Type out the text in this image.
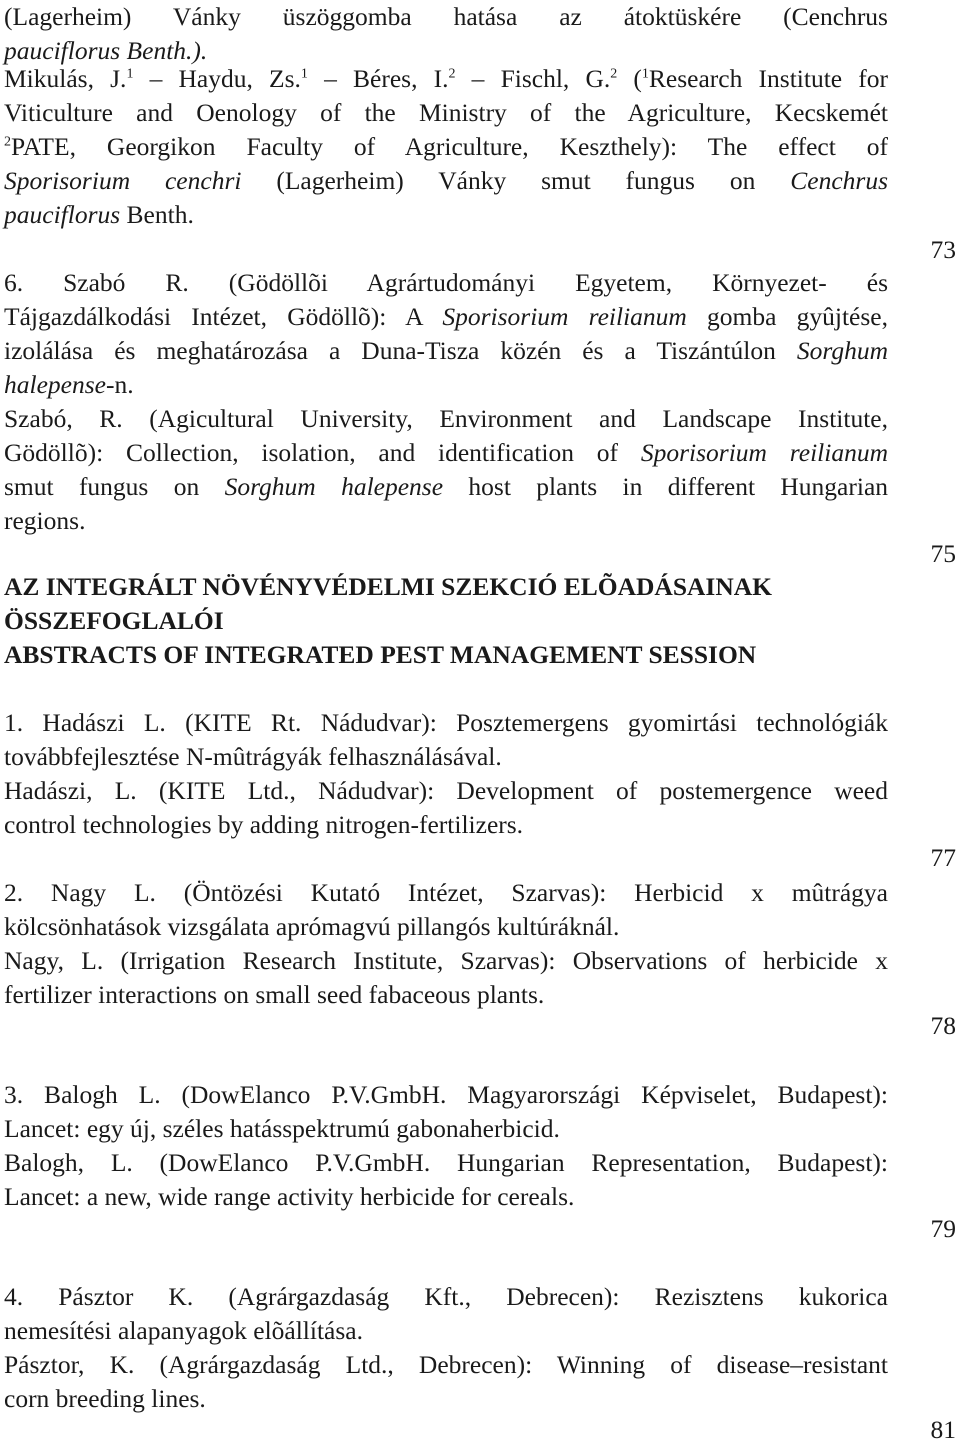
(Lagerheim) Vánky üszöggomba hatása az átoktüskére (Cenchrus
pauciflorus Benth.).
Mikulás, J.$^1$ – Haydu, Zs.$^1$ – Béres, I.$^2$ – Fischl, G.$^2$ ($^1$Research Institute for
Viticulture and Oenology of the Ministry of the Agriculture, Kecskemét
$^2$PATE, Georgikon Faculty of Agriculture, Keszthely): The effect of
Sporisorium cenchri (Lagerheim) Vánky smut fungus on Cenchrus
pauciflorus Benth.
6. Szabó R. (Gödöllõi Agrártudományi Egyetem, Környezet- és
Tájgazdálkodási Intézet, Gödöllõ): A Sporisorium reilianum gomba gyûjtése,
izolálása és meghatározása a Duna-Tisza közén és a Tiszántúlon Sorghum
halepense-n.
Szabó, R. (Agicultural University, Environment and Landscape Institute,
Gödöllõ): Collection, isolation, and identification of Sporisorium reilianum
smut fungus on Sorghum halepense host plants in different Hungarian
regions.
AZ INTEGRÁLT NÖVÉNYVÉDELMI SZEKCIÓ ELÕADÁSAINAK
ÖSSZEFOGLALÓI
ABSTRACTS OF INTEGRATED PEST MANAGEMENT SESSION
1. Hadászi L. (KITE Rt. Nádudvar): Posztemergens gyomirtási technológiák
továbbfejlesztése N-mûtrágyák felhasználásával.
Hadászi, L. (KITE Ltd., Nádudvar): Development of postemergence weed
control technologies by adding nitrogen-fertilizers.
2. Nagy L. (Öntözési Kutató Intézet, Szarvas): Herbicid x mûtrágya
kölcsönhatások vizsgálata aprómagvú pillangós kultúráknál.
Nagy, L. (Irrigation Research Institute, Szarvas): Observations of herbicide x
fertilizer interactions on small seed fabaceous plants.
3. Balogh L. (DowElanco P.V.GmbH. Magyarországi Képviselet, Budapest):
Lancet: egy új, széles hatásspektrumú gabonaherbicid.
Balogh, L. (DowElanco P.V.GmbH. Hungarian Representation, Budapest):
Lancet: a new, wide range activity herbicide for cereals.
4. Pásztor K. (Agrárgazdaság Kft., Debrecen): Rezisztens kukorica
nemesítési alapanyagok elõállítása.
Pásztor, K. (Agrárgazdaság Ltd., Debrecen): Winning of disease–resistant
corn breeding lines.
73
75
77
78
79
81
